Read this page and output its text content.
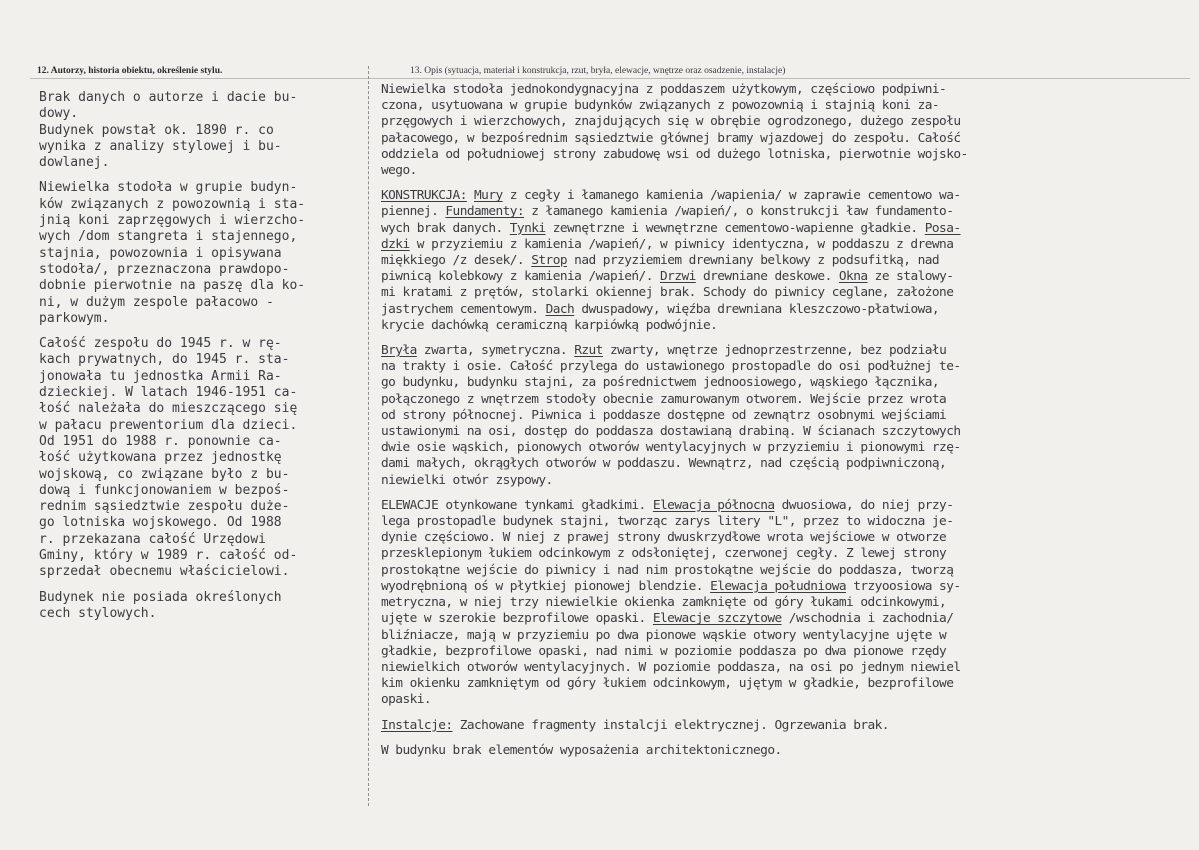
12. Autorzy, historia obiektu, określenie stylu.	13. Opis (sytuacja, materiał i konstrukcja, rzut, bryła, elewacje, wnętrze oraz osadzenie, instalacje)
Brak danych o autorze i dacie bu-
dowy.
Budynek powstał ok. 1890 r. co
wynika z analizy stylowej i bu-
dowlanej.
Niewielka stodoła w grupie budyn-
ków związanych z powozownią i sta-
jnią koni zaprzęgowych i wierzcho-
wych /dom stangreta i stajennego,
stajnia, powozownia i opisywana
stodoła/, przeznaczona prawdopo-
dobnie pierwotnie na paszę dla ko-
ni, w dużym zespole pałacowo -
parkowym.
Całość zespołu do 1945 r. w rę-
kach prywatnych, do 1945 r. sta-
jonowała tu jednostka Armii Ra-
dzieckiej. W latach 1946-1951 ca-
łość należała do mieszczącego się
w pałacu prewentorium dla dzieci.
Od 1951 do 1988 r. ponownie ca-
łość użytkowana przez jednostkę
wojskową, co związane było z bu-
dową i funkcjonowaniem w bezpoś-
rednim sąsiedztwie zespołu duże-
go lotniska wojskowego. Od 1988
r. przekazana całość Urzędowi
Gminy, który w 1989 r. całość od-
sprzedał obecnemu właścicielowi.
Budynek nie posiada określonych
cech stylowych.
Niewielka stodoła jednokondygnacyjna z poddaszem użytkowym, częściowo podpiwni-
czona, usytuowana w grupie budynków związanych z powozownią i stajnią koni za-
przęgowych i wierzchowych, znajdujących się w obrębie ogrodzonego, dużego zespołu
pałacowego, w bezpośrednim sąsiedztwie głównej bramy wjazdowej do zespołu. Całość
oddziela od południowej strony zabudowę wsi od dużego lotniska, pierwotnie wojsko-
wego.
KONSTRUKCJA: Mury z cegły i łamanego kamienia /wapienia/ w zaprawie cementowo wa-
piennej. Fundamenty: z łamanego kamienia /wapień/, o konstrukcji ław fundamento-
wych brak danych. Tynki zewnętrzne i wewnętrzne cementowo-wapienne gładkie. Posa-
dzki w przyziemiu z kamienia /wapień/, w piwnicy identyczna, w poddaszu z drewna
miękkiego /z desek/. Strop nad przyziemiem drewniany belkowy z podsufitką, nad
piwnicą kolebkowy z kamienia /wapień/. Drzwi drewniane deskowe. Okna ze stalowy-
mi kratami z prętów, stolarki okiennej brak. Schody do piwnicy ceglane, założone
jastrychem cementowym. Dach dwuspadowy, więźba drewniana kleszczowo-płatwiowa,
krycie dachówką ceramiczną karpiówką podwójnie.
Bryła zwarta, symetryczna. Rzut zwarty, wnętrze jednoprzestrzenne, bez podziału
na trakty i osie. Całość przylega do ustawionego prostopadle do osi podłużnej te-
go budynku, budynku stajni, za pośrednictwem jednoosiowego, wąskiego łącznika,
połączonego z wnętrzem stodoły obecnie zamurowanym otworem. Wejście przez wrota
od strony północnej. Piwnica i poddasze dostępne od zewnątrz osobnymi wejściami
ustawionymi na osi, dostęp do poddasza dostawianą drabiną. W ścianach szczytowych
dwie osie wąskich, pionowych otworów wentylacyjnych w przyziemiu i pionowymi rzę-
dami małych, okrągłych otworów w poddaszu. Wewnątrz, nad częścią podpiwniczoną,
niewielki otwór zsypowy.
ELEWACJE otynkowane tynkami gładkimi. Elewacja północna dwuosiowa, do niej przy-
lega prostopadle budynek stajni, tworząc zarys litery "L", przez to widoczna je-
dynie częściowo. W niej z prawej strony dwuskrzydłowe wrota wejściowe w otworze
przesklepionym łukiem odcinkowym z odsłoniętej, czerwonej cegły. Z lewej strony
prostokątne wejście do piwnicy i nad nim prostokątne wejście do poddasza, tworzą
wyodrębnioną oś w płytkiej pionowej blendzie. Elewacja południowa trzyoosiowa sy-
metryczna, w niej trzy niewielkie okienka zamknięte od góry łukami odcinkowymi,
ujęte w szerokie bezprofilowe opaski. Elewacje szczytowe /wschodnia i zachodnia/
bliźniacze, mają w przyziemiu po dwa pionowe wąskie otwory wentylacyjne ujęte w
gładkie, bezprofilowe opaski, nad nimi w poziomie poddasza po dwa pionowe rzędy
niewielkich otworów wentylacyjnych. W poziomie poddasza, na osi po jednym niewiel
kim okienku zamkniętym od góry łukiem odcinkowym, ujętym w gładkie, bezprofilowe
opaski.
Instalcje: Zachowane fragmenty instalcji elektrycznej. Ogrzewania brak.
W budynku brak elementów wyposażenia architektonicznego.
